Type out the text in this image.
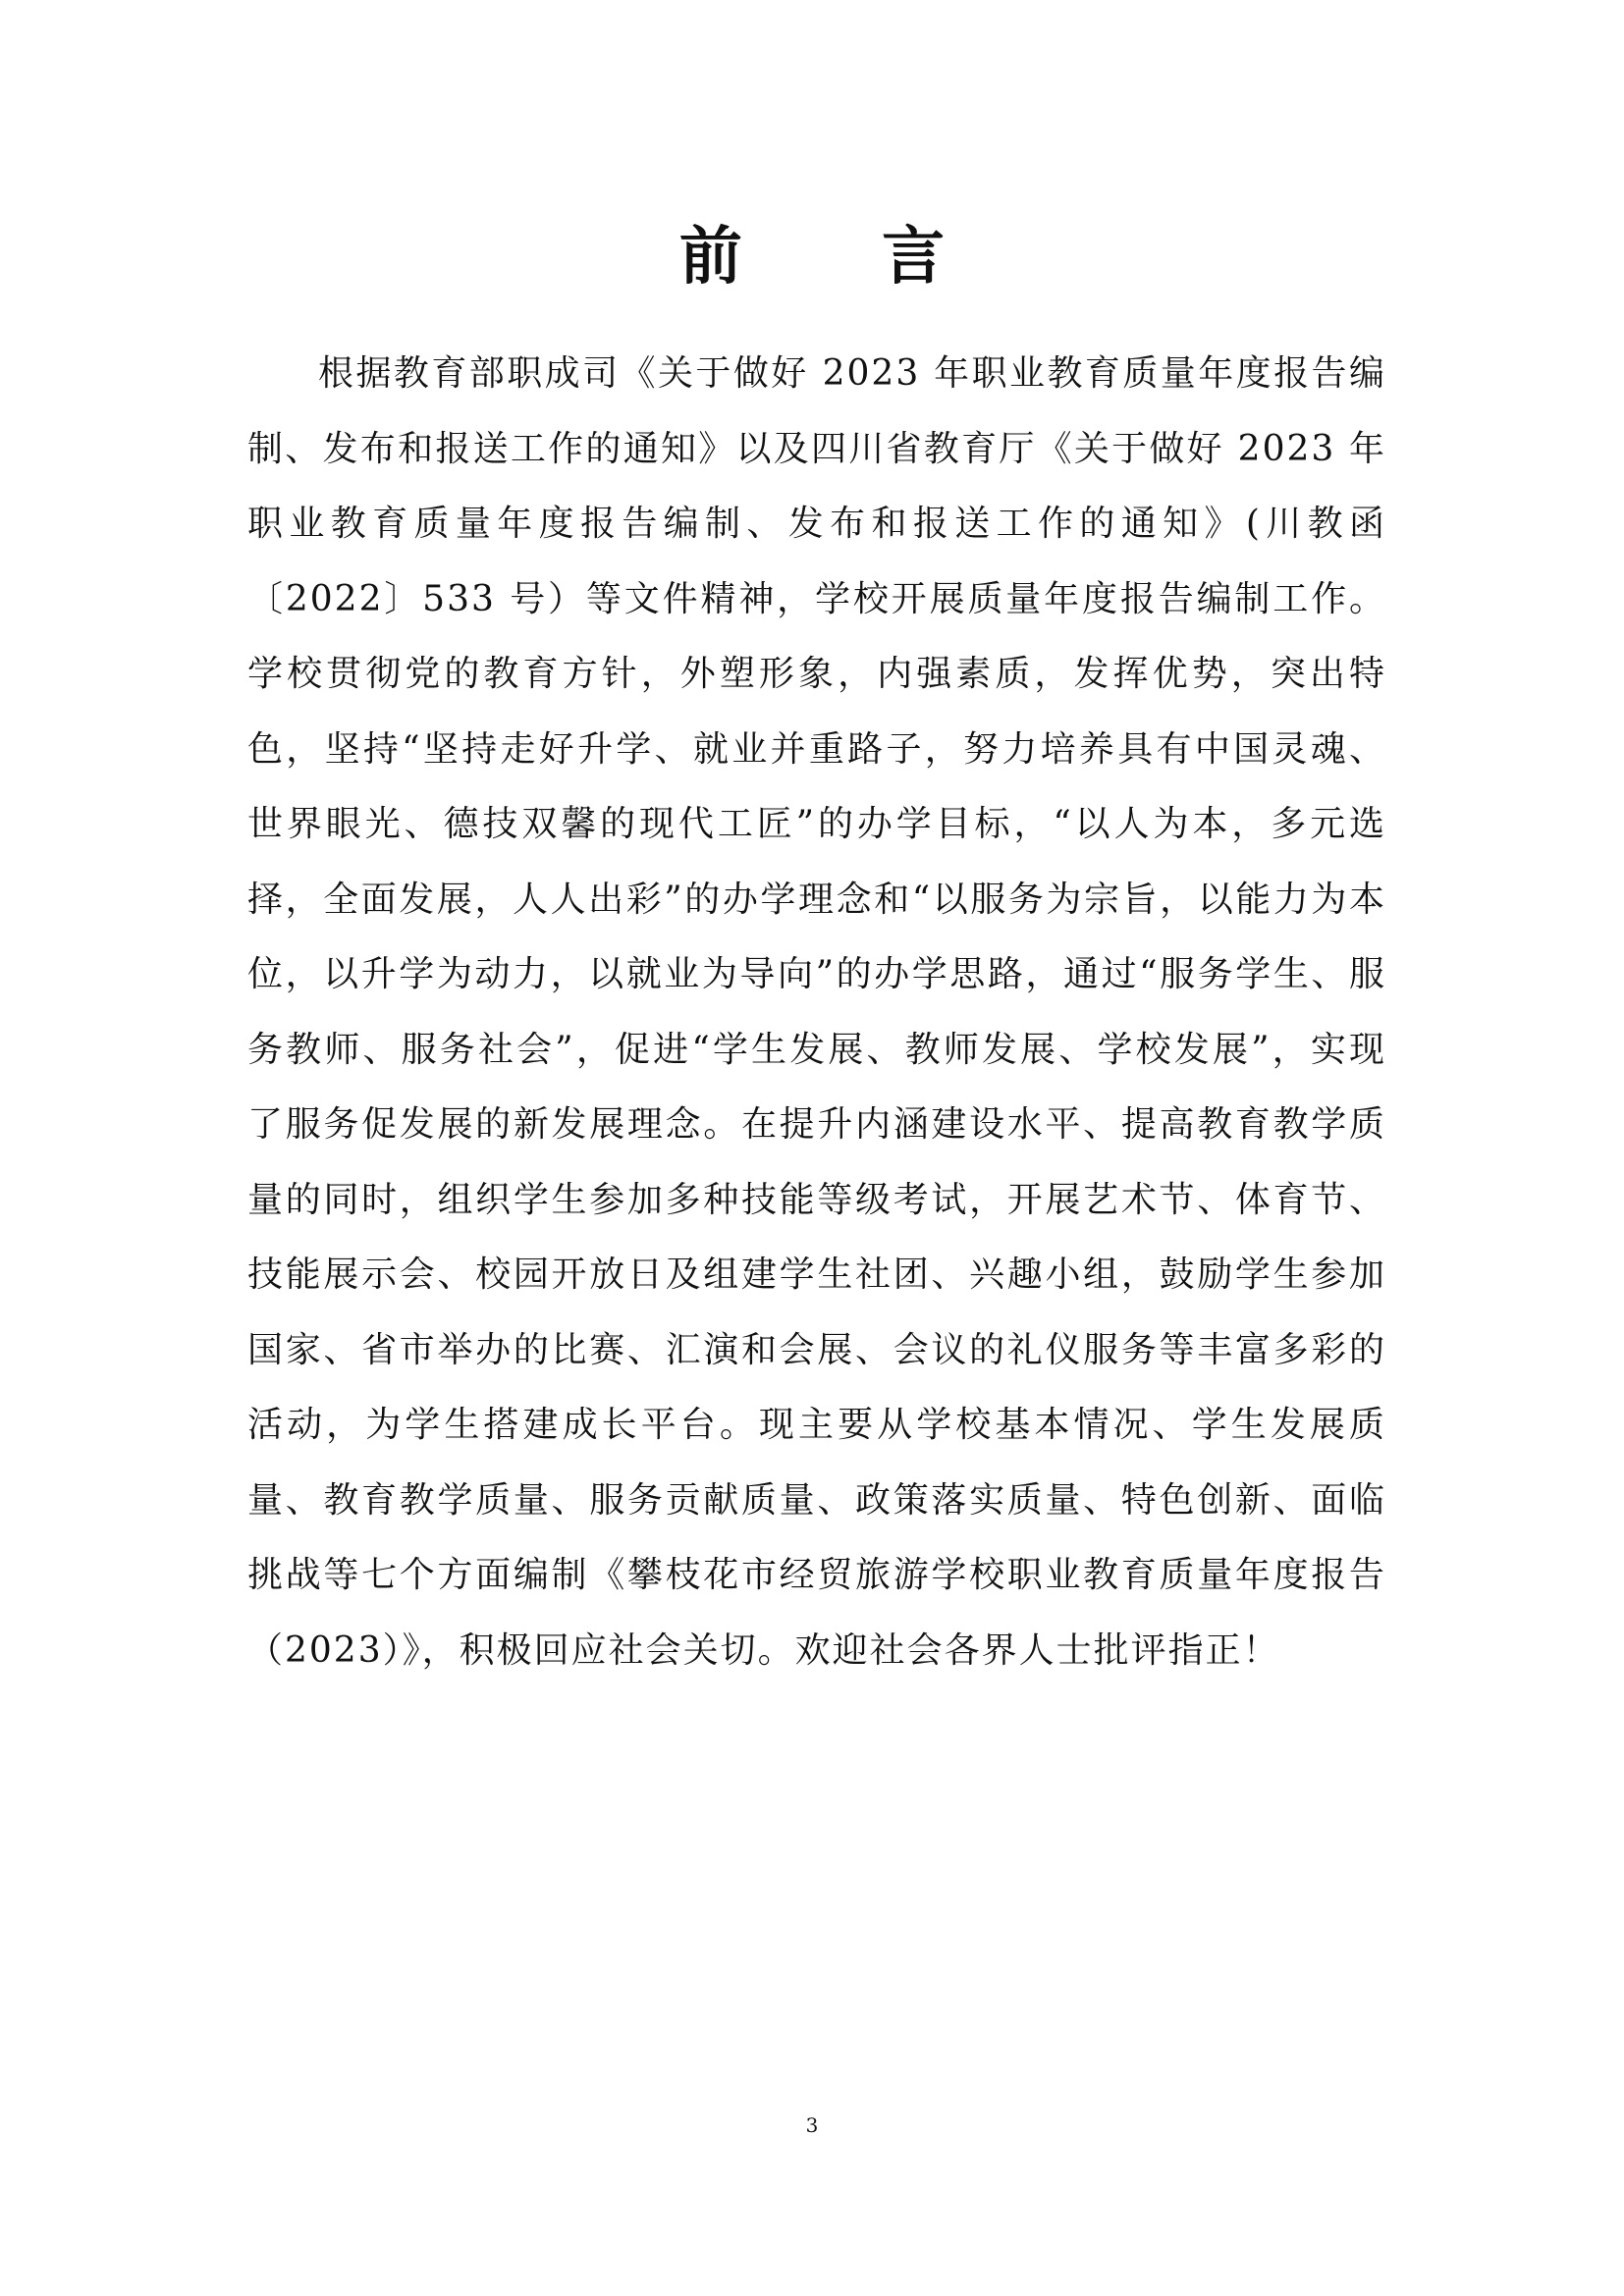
前 言

根据教育部职成司《关于做好 2023 年职业教育质量年度报告编制、发布和报送工作的通知》以及四川省教育厅《关于做好 2023 年职业教育质量年度报告编制、发布和报送工作的通知》(川教函〔2022〕533 号）等文件精神，学校开展质量年度报告编制工作。学校贯彻党的教育方针，外塑形象，内强素质，发挥优势，突出特色，坚持“坚持走好升学、就业并重路子，努力培养具有中国灵魂、世界眼光、德技双馨的现代工匠”的办学目标，“以人为本，多元选择，全面发展，人人出彩”的办学理念和“以服务为宗旨，以能力为本位，以升学为动力，以就业为导向”的办学思路，通过“服务学生、服务教师、服务社会”，促进“学生发展、教师发展、学校发展”，实现了服务促发展的新发展理念。在提升内涵建设水平、提高教育教学质量的同时，组织学生参加多种技能等级考试，开展艺术节、体育节、技能展示会、校园开放日及组建学生社团、兴趣小组，鼓励学生参加国家、省市举办的比赛、汇演和会展、会议的礼仪服务等丰富多彩的活动，为学生搭建成长平台。现主要从学校基本情况、学生发展质量、教育教学质量、服务贡献质量、政策落实质量、特色创新、面临挑战等七个方面编制《攀枝花市经贸旅游学校职业教育质量年度报告（2023）》，积极回应社会关切。欢迎社会各界人士批评指正！

3
